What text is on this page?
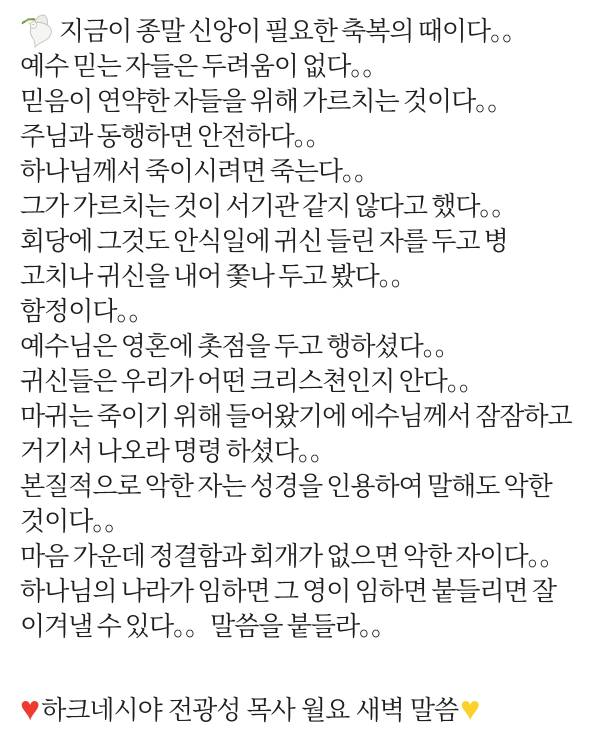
지금이 종말 신앙이 필요한 축복의 때이다。。
예수 믿는 자들은 두려움이 없다。。
믿음이 연약한 자들을 위해 가르치는 것이다。。
주님과 동행하면 안전하다。。
하나님께서 죽이시려면 죽는다。。
그가 가르치는 것이 서기관 같지 않다고 했다。。
회당에 그것도 안식일에 귀신 들린 자를 두고 병
고치나 귀신을 내어 쫓나 두고 봤다。。
함정이다。。
예수님은 영혼에 촛점을 두고 행하셨다。。
귀신들은 우리가 어떤 크리스쳔인지 안다。。
마귀는 죽이기 위해 들어왔기에 에수님께서 잠잠하고
거기서 나오라 명령 하셨다。。
본질적으로 악한 자는 성경을 인용하여 말해도 악한
것이다。。
마음 가운데 정결함과 회개가 없으면 악한 자이다。。
하나님의 나라가 임하면 그 영이 임하면 붙들리면 잘
이겨낼 수 있다。。말씀을 붙들라。。
♥ 하크네시야 전광성 목사 월요 새벽 말씀 ♥
